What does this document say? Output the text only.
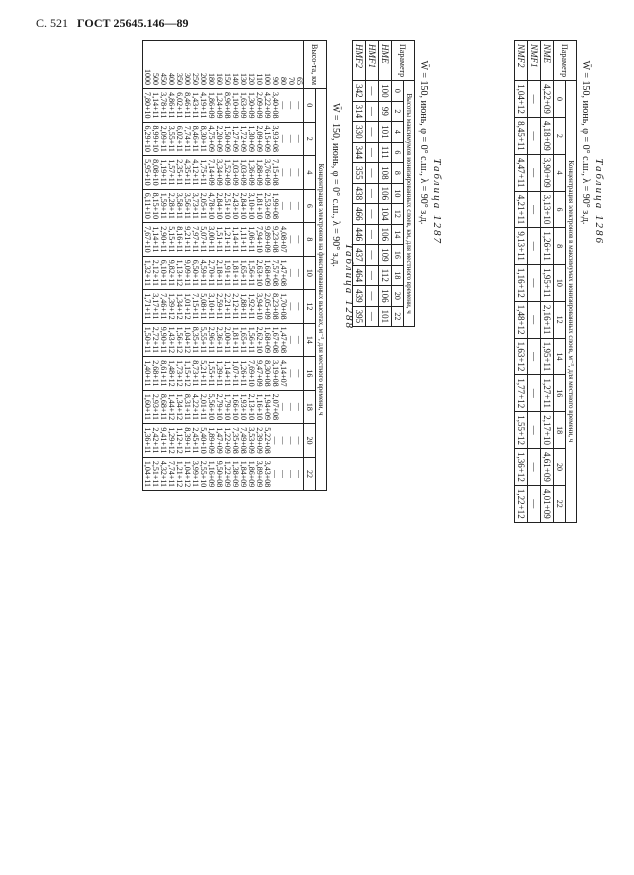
С. 521 ГОСТ 25645.146—89
Таблица 1286
W̄ = 150, июнь, φ = 0° с.ш., λ = 90° з.д.
Параметр	Концентрация электронов в максимумах ионизированных слоев, м⁻³, для местного времени, ч											
	0	2	4	6	8	10	12	14	16	18	20	22
NME	4,22+09	4,18+09	3,90+09	3,13+10	1,26+11	1,95+11	2,16+11	1,95+11	1,27+11	2,17+10	4,61+09	4,01+09
NMF1	—	—	—	—	—	—	—	—	—	—	—	—
NMF2	1,04+12	8,45+11	4,47+11	4,21+11	9,13+11	1,16+12	1,48+12	1,63+12	1,77+12	1,55+12	1,36+12	1,22+12
Таблица 1287
W̄ = 150, июнь, φ = 0° с.ш., λ = 90° з.д.
Параметр	Высоты максимумов ионизированных слоев, км, для местного времени, ч											
	0	2	4	6	8	10	12	14	16	18	20	22
HME	100	99	101	111	108	106	104	106	109	112	106	101
HMF1	—	—	—	—	—	—	—	—	—	—	—	—
HMF2	342	314	330	344	355	438	466	446	437	464	439	395
Таблица 1288
W̄ = 150, июнь, φ = 0° с.ш., λ = 90° з.д.
Высо-та, км	Концентрация электронов на фиксированных высотах, м⁻³, для местного времени, ч											
	0	2	4	6	8	10	12	14	16	18	20	22
65	—	—	—	—	—	—	—	—	—	—	—	—
70	—	—	—	—	—	—	—	—	—	—	—	—
80	—	—	—	—	4,08+07	1,47+08	1,70+08	1,47+08	4,14+07	—	—	—
90	3,40+08	3,93+08	7,15+08	1,99+08	9,23+08	7,57+08	8,23+08	1,67+08	3,19+08	2,07+08	—	—
100	4,22+09	4,15+09	3,76+09	2,53+09	9,89+09	1,68+09	2,05+09	1,68+09	8,30+08	1,94+09	5,22+08	3,43+08
110	2,09+09	2,09+09	1,88+09	1,81+10	7,94+10	2,63+10	3,94+10	2,62+10	9,47+09	1,16+10	2,39+09	3,89+09
120	1,30+09	1,30+09	1,36+09	3,10+10	1,06+11	1,56+11	1,92+11	1,56+11	7,69+10	2,13+10	3,53+09	1,86+09
130	1,63+09	1,72+09	1,03+09	2,84+10	1,11+11	1,65+11	1,88+11	1,65+11	1,26+11	1,93+10	7,49+08	1,84+09
140	1,10+09	1,27+09	1,03+09	2,43+10	1,14+11	1,81+11	2,12+11	1,81+11	1,07+11	1,66+10	7,35+08	1,38+09
150	8,96+08	1,50+09	1,52+09	2,51+10	1,21+11	1,91+11	2,21+11	2,00+11	1,14+11	1,79+10	1,22+09	1,22+09
160	1,24+09	2,20+09	3,34+09	2,84+10	1,51+11	2,18+11	2,59+11	2,36+11	1,39+11	2,79+10	1,47+09	9,50+08
180	1,86+09	4,75+09	7,14+09	4,78+10	3,00+11	2,70+11	3,10+11	2,96+11	1,55+11	5,56+10	1,89+09	1,16+09
200	4,19+11	8,30+11	1,75+11	2,05+11	5,07+11	4,59+11	5,08+11	5,55+11	5,21+11	2,01+11	5,40+10	2,55+10
250	1,43+11	8,46+11	4,12+11	3,73+11	7,97+11	6,50+11	7,15+11	8,35+11	8,73+11	4,22+11	2,45+11	3,99+11
300	8,46+11	7,74+11	4,35+11	3,56+11	9,21+11	9,09+11	1,01+12	1,04+12	1,15+12	8,31+11	8,39+11	1,04+12
350	6,02+11	6,02+11	2,35+11	3,58+11	8,16+11	1,13+12	1,34+12	1,56+12	1,73+12	1,34+12	1,12+12	1,21+12
400	4,86+11	3,55+11	1,57+11	2,28+11	5,15+11	9,82+11	1,39+12	1,43+12	1,48+12	1,44+12	1,29+12	7,74+11
450	3,78+11	2,09+11	1,19+11	1,59+11	2,90+11	6,10+11	7,46+11	9,90+11	8,61+11	8,68+11	9,41+11	4,32+11
500	1,14+11	8,99+10	8,08+10	8,15+10	1,14+11	2,12+11	3,17+11	2,72+11	2,68+11	2,93+11	2,42+11	2,51+11
1000	7,80+10	6,29+10	5,95+10	6,11+10	7,67+10	1,32+11	1,71+11	1,50+11	1,40+11	1,60+11	1,36+11	1,04+11
